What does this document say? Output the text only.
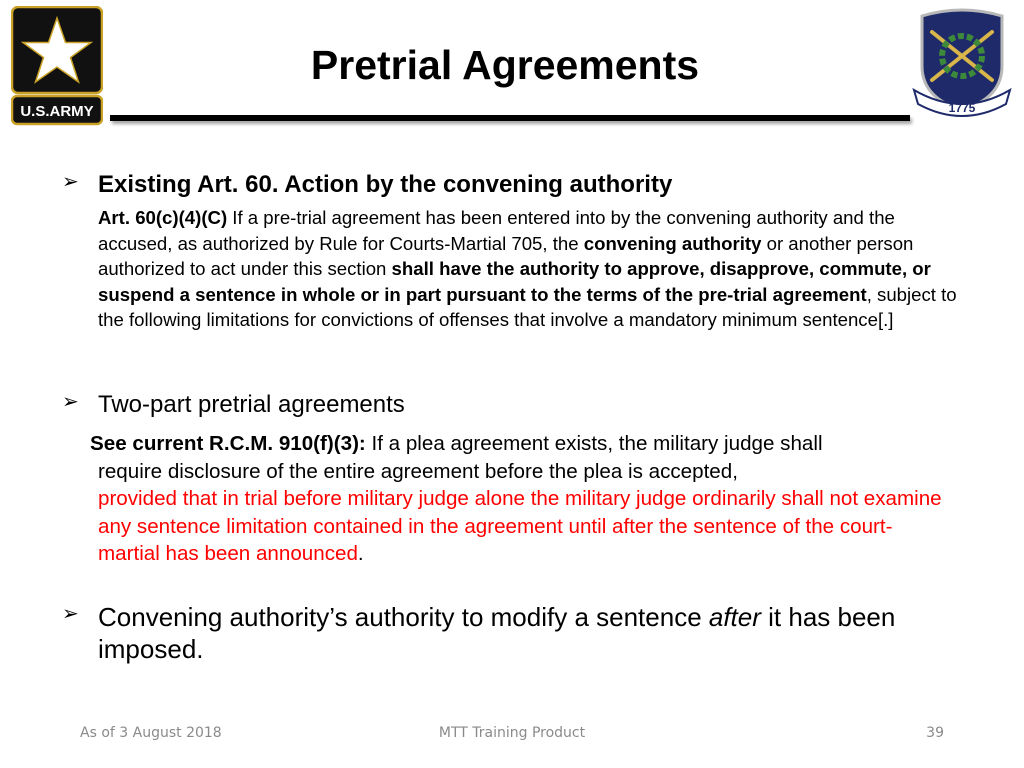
U.S.ARMY	1775
Pretrial Agreements
➢ Existing Art. 60. Action by the convening authority
Art. 60(c)(4)(C) If a pre-trial agreement has been entered into by the convening authority and the accused, as authorized by Rule for Courts-Martial 705, the convening authority or another person authorized to act under this section shall have the authority to approve, disapprove, commute, or suspend a sentence in whole or in part pursuant to the terms of the pre-trial agreement, subject to the following limitations for convictions of offenses that involve a mandatory minimum sentence[.]
➢ Two-part pretrial agreements
See current R.C.M. 910(f)(3): If a plea agreement exists, the military judge shall
require disclosure of the entire agreement before the plea is accepted,
provided that in trial before military judge alone the military judge ordinarily shall not examine any sentence limitation contained in the agreement until after the sentence of the court-martial has been announced.
➢ Convening authority’s authority to modify a sentence after it has been imposed.
As of 3 August 2018	MTT Training Product	39
